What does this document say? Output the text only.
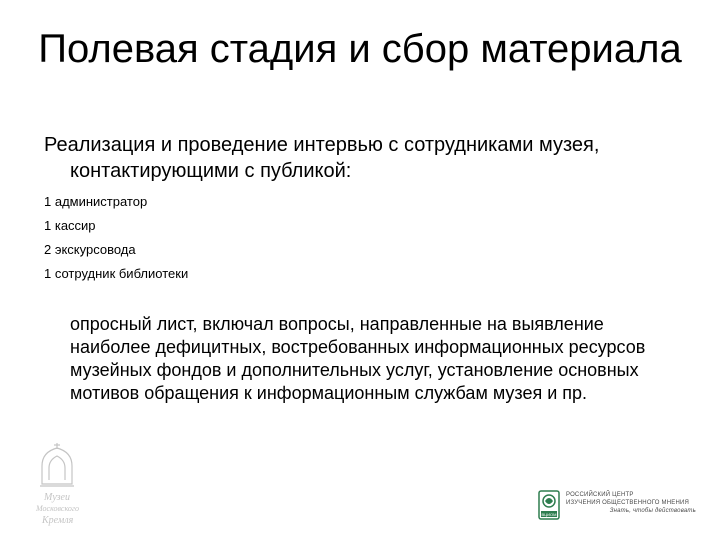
Полевая стадия и сбор материала
Реализация и проведение интервью с сотрудниками музея, контактирующими с публикой:
1 администратор
1 кассир
2 экскурсовода
1 сотрудник библиотеки
опросный лист, включал вопросы, направленные на выявление наиболее дефицитных, востребованных информационных ресурсов музейных фондов и дополнительных услуг, установление основных мотивов обращения к информационным службам музея и пр.
Музеи
Московского
Кремля
ВЦИОМ
РОССИЙСКИЙ ЦЕНТР
ИЗУЧЕНИЯ ОБЩЕСТВЕННОГО МНЕНИЯ

Знать, чтобы действовать
